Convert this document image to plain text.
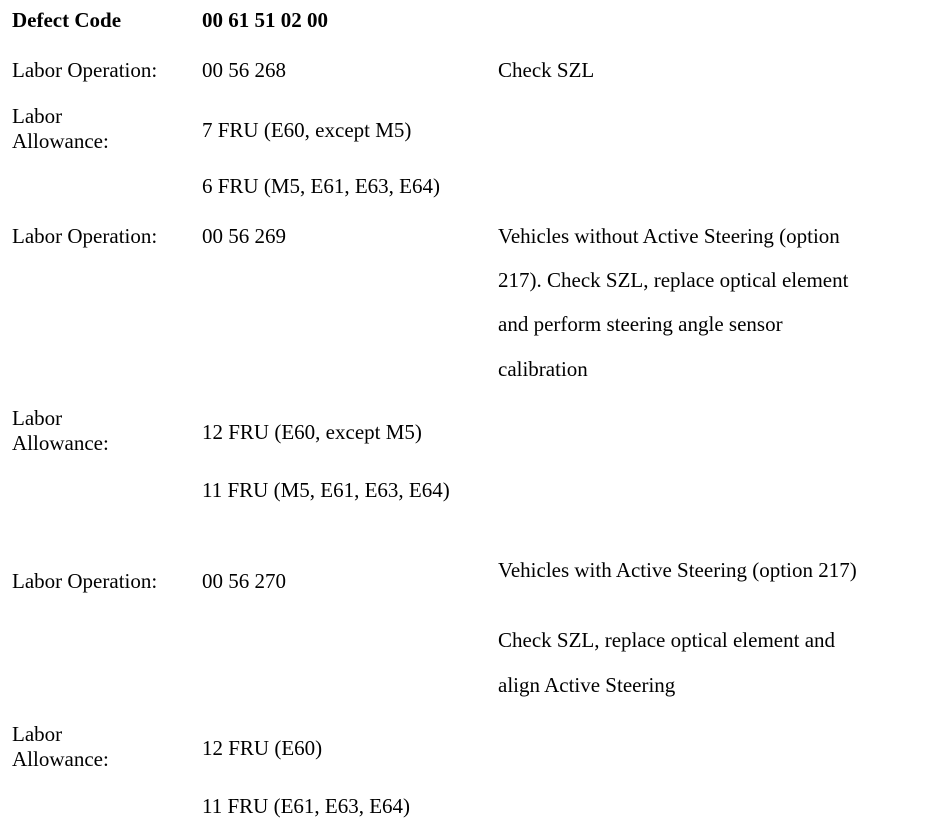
Defect Code	00 61 51 02 00

Labor Operation: 00 56 268	Check SZL

Labor Allowance:	7 FRU (E60, except M5)

6 FRU (M5, E61, E63, E64)

Labor Operation: 00 56 269	Vehicles without Active Steering (option

217). Check SZL, replace optical element

and perform steering angle sensor

calibration

Labor Allowance:	12 FRU (E60, except M5)

11 FRU (M5, E61, E63, E64)

Labor Operation: 00 56 270	Vehicles with Active Steering (option 217)

Check SZL, replace optical element and

align Active Steering

Labor Allowance:	12 FRU (E60)

11 FRU (E61, E63, E64)
